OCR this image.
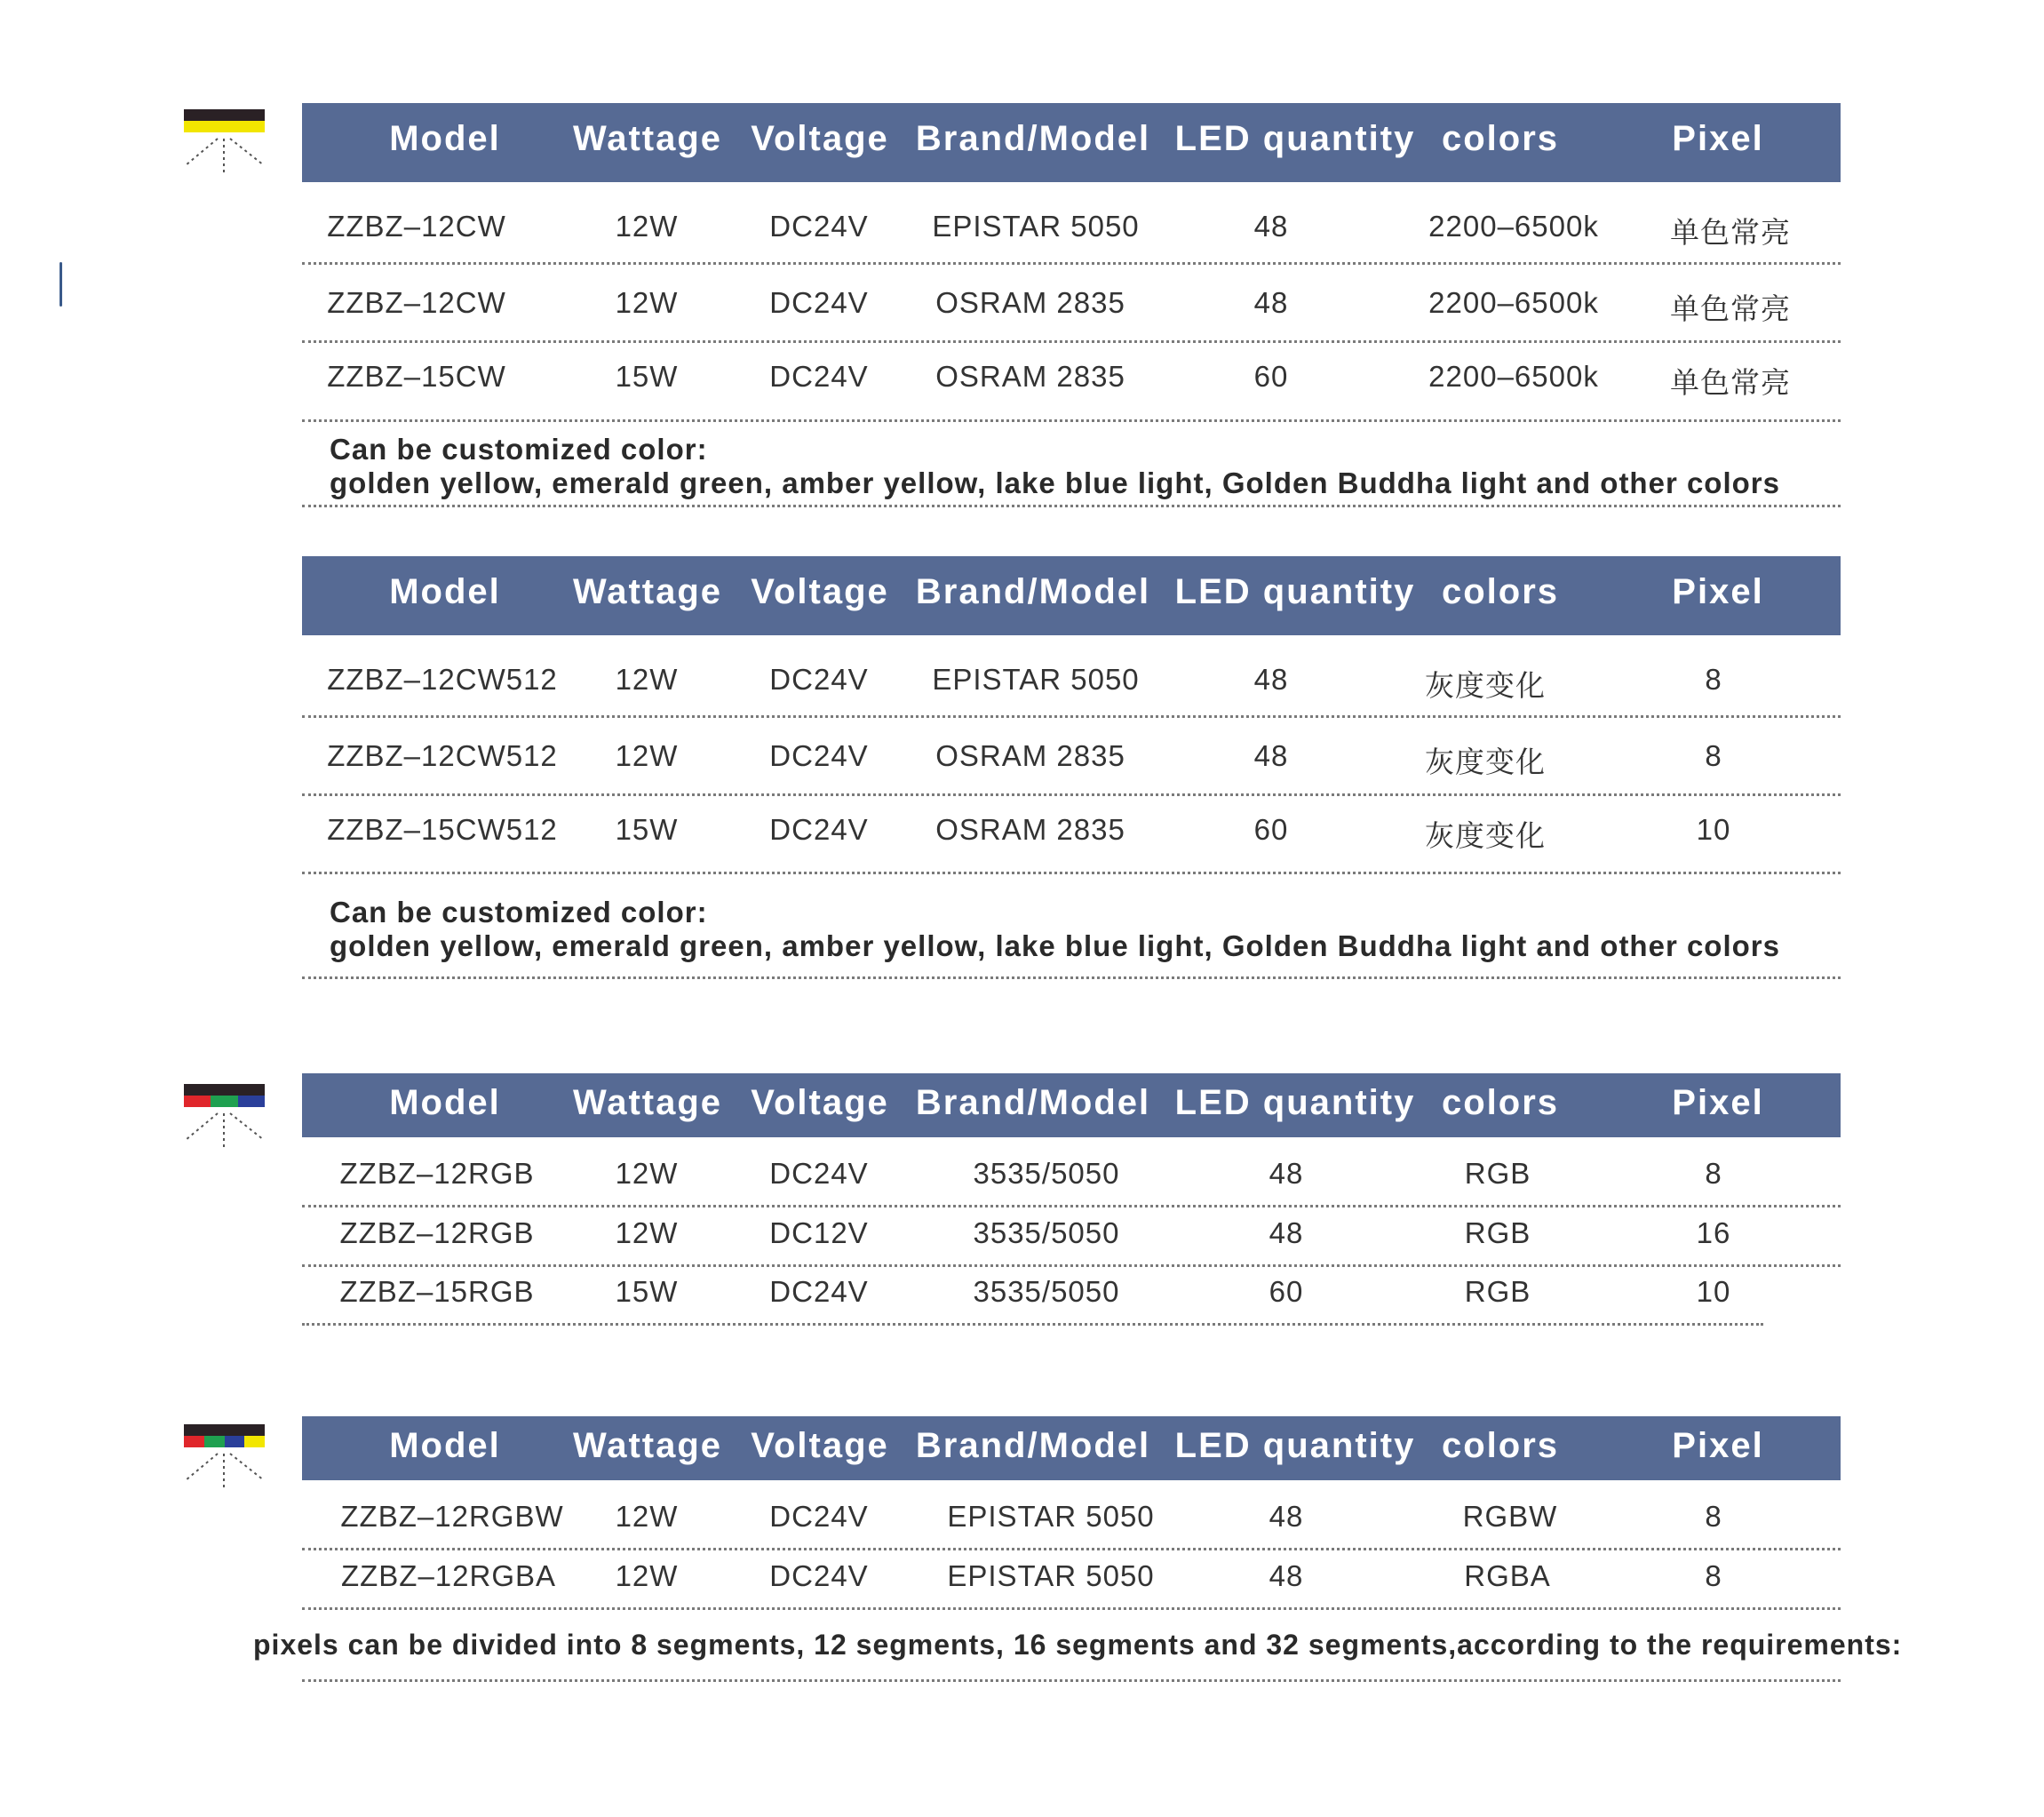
Model Wattage Voltage Brand/Model LED quantity colors	Pixel
ZZBZ–12CW	12W	DC24V EPISTAR 5050	48	2200–6500k 单色常亮
ZZBZ–12CW	12W	DC24V OSRAM 2835	48	2200–6500k 单色常亮
ZZBZ–15CW	15W	DC24V OSRAM 2835	60	2200–6500k 单色常亮
Can be customized color:
golden yellow, emerald green, amber yellow, lake blue light, Golden Buddha light and other colors
Model Wattage Voltage Brand/Model LED quantity colors	Pixel
ZZBZ–12CW512 12W	DC24V EPISTAR 5050	48	灰度变化	8
ZZBZ–12CW512 12W	DC24V OSRAM 2835	48	灰度变化	8
ZZBZ–15CW512 15W	DC24V OSRAM 2835	60	灰度变化	10
Can be customized color:
golden yellow, emerald green, amber yellow, lake blue light, Golden Buddha light and other colors
Model Wattage Voltage Brand/Model LED quantity colors	Pixel
ZZBZ–12RGB	12W	DC24V	3535/5050	48	RGB	8
ZZBZ–12RGB	12W	DC12V	3535/5050	48	RGB	16
ZZBZ–15RGB	15W	DC24V	3535/5050	60	RGB	10
Model Wattage Voltage Brand/Model LED quantity colors	Pixel
ZZBZ–12RGBW 12W	DC24V	EPISTAR 5050	48	RGBW	8
ZZBZ–12RGBA 12W	DC24V	EPISTAR 5050	48	RGBA	8
pixels can be divided into 8 segments, 12 segments, 16 segments and 32 segments,according to the requirements:
